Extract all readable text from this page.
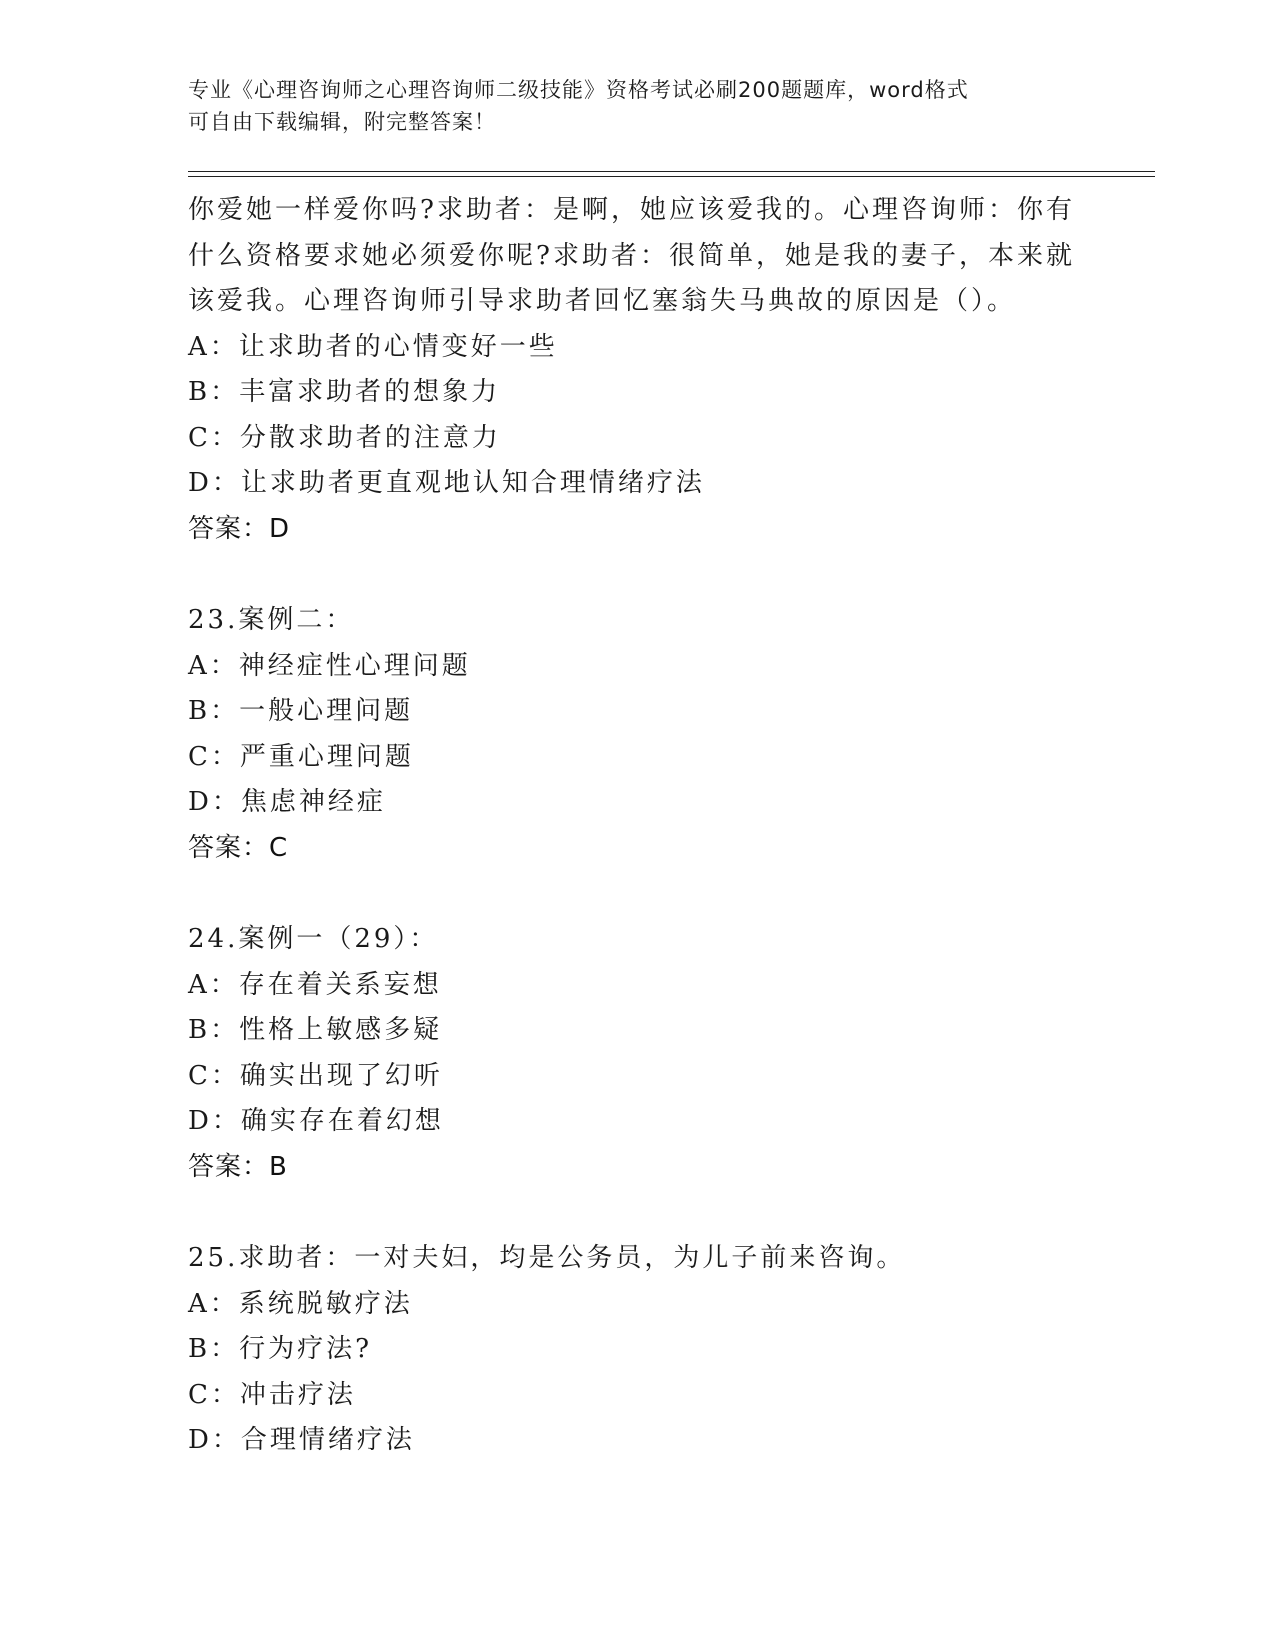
专业《心理咨询师之心理咨询师二级技能》资格考试必刷200题题库，word格式
可自由下载编辑，附完整答案！
你爱她一样爱你吗?求助者：是啊，她应该爱我的。心理咨询师：你有
什么资格要求她必须爱你呢?求助者：很简单，她是我的妻子，本来就
该爱我。心理咨询师引导求助者回忆塞翁失马典故的原因是（）。
A：让求助者的心情变好一些
B：丰富求助者的想象力
C：分散求助者的注意力
D：让求助者更直观地认知合理情绪疗法
答案：D
23.案例二：
A：神经症性心理问题
B：一般心理问题
C：严重心理问题
D：焦虑神经症
答案：C
24.案例一（29）：
A：存在着关系妄想
B：性格上敏感多疑
C：确实出现了幻听
D：确实存在着幻想
答案：B
25.求助者：一对夫妇，均是公务员，为儿子前来咨询。
A：系统脱敏疗法
B：行为疗法?
C：冲击疗法
D：合理情绪疗法
